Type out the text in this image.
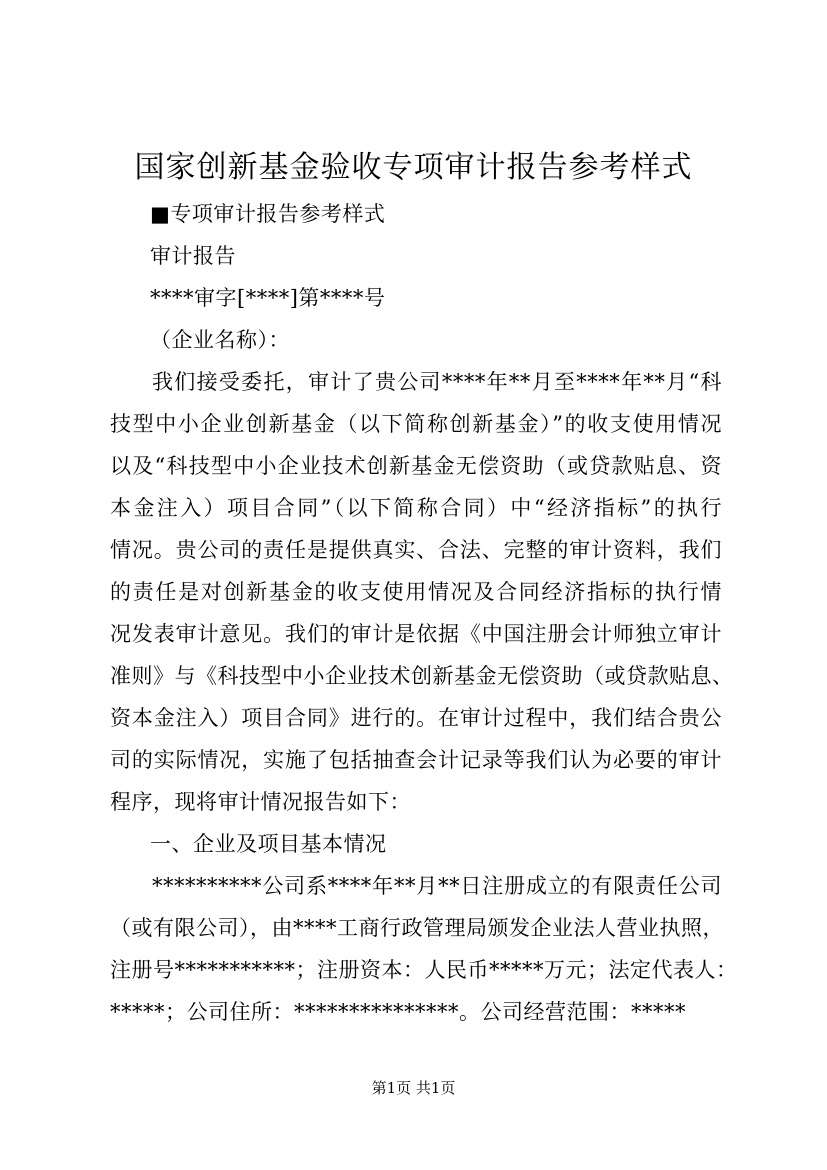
国家创新基金验收专项审计报告参考样式

■专项审计报告参考样式

审计报告

****审字[****]第****号

（企业名称）：

我们接受委托，审计了贵公司****年**月至****年**月“科

技型中小企业创新基金（以下简称创新基金）”的收支使用情况

以及“科技型中小企业技术创新基金无偿资助（或贷款贴息、资

本金注入）项目合同”（以下简称合同）中“经济指标”的执行

情况。贵公司的责任是提供真实、合法、完整的审计资料，我们

的责任是对创新基金的收支使用情况及合同经济指标的执行情

况发表审计意见。我们的审计是依据《中国注册会计师独立审计

准则》与《科技型中小企业技术创新基金无偿资助（或贷款贴息、

资本金注入）项目合同》进行的。在审计过程中，我们结合贵公

司的实际情况，实施了包括抽查会计记录等我们认为必要的审计

程序，现将审计情况报告如下：

一、企业及项目基本情况

**********公司系****年**月**日注册成立的有限责任公司

（或有限公司），由****工商行政管理局颁发企业法人营业执照，

注册号***********；注册资本：人民币*****万元；法定代表人：

*****；公司住所：***************。公司经营范围：*****

第1页 共1页
